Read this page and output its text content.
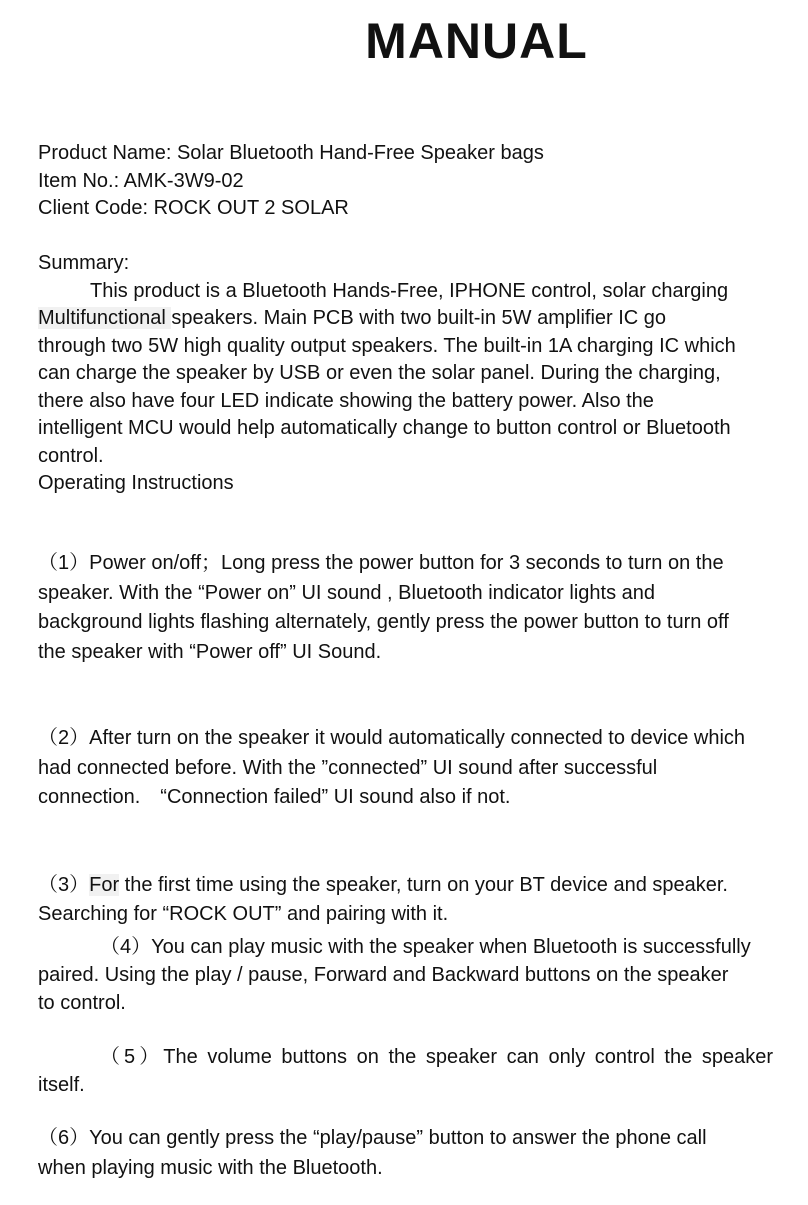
MANUAL
Product Name: Solar Bluetooth Hand-Free Speaker bags
Item No.: AMK-3W9-02
Client Code: ROCK OUT 2 SOLAR
Summary:
This product is a Bluetooth Hands-Free, IPHONE control, solar charging
Multifunctional speakers. Main PCB with two built-in 5W amplifier IC go
through two 5W high quality output speakers. The built-in 1A charging IC which
can charge the speaker by USB or even the solar panel. During the charging,
there also have four LED indicate showing the battery power. Also the
intelligent MCU would help automatically change to button control or Bluetooth
control.
Operating Instructions
（1）Power on/off；Long press the power button for 3 seconds to turn on the
speaker. With the “Power on” UI sound , Bluetooth indicator lights and
background lights flashing alternately, gently press the power button to turn off
the speaker with “Power off” UI Sound.
（2）After turn on the speaker it would automatically connected to device which
had connected before. With the ”connected” UI sound after successful
connection.　“Connection failed” UI sound also if not.
（3）For the first time using the speaker, turn on your BT device and speaker.
Searching for “ROCK OUT” and pairing with it.
（4）You can play music with the speaker when Bluetooth is successfully
paired. Using the play / pause, Forward and Backward buttons on the speaker
to control.
（5）The volume buttons on the speaker can only control the speaker
itself.
（6）You can gently press the “play/pause” button to answer the phone call
when playing music with the Bluetooth.
